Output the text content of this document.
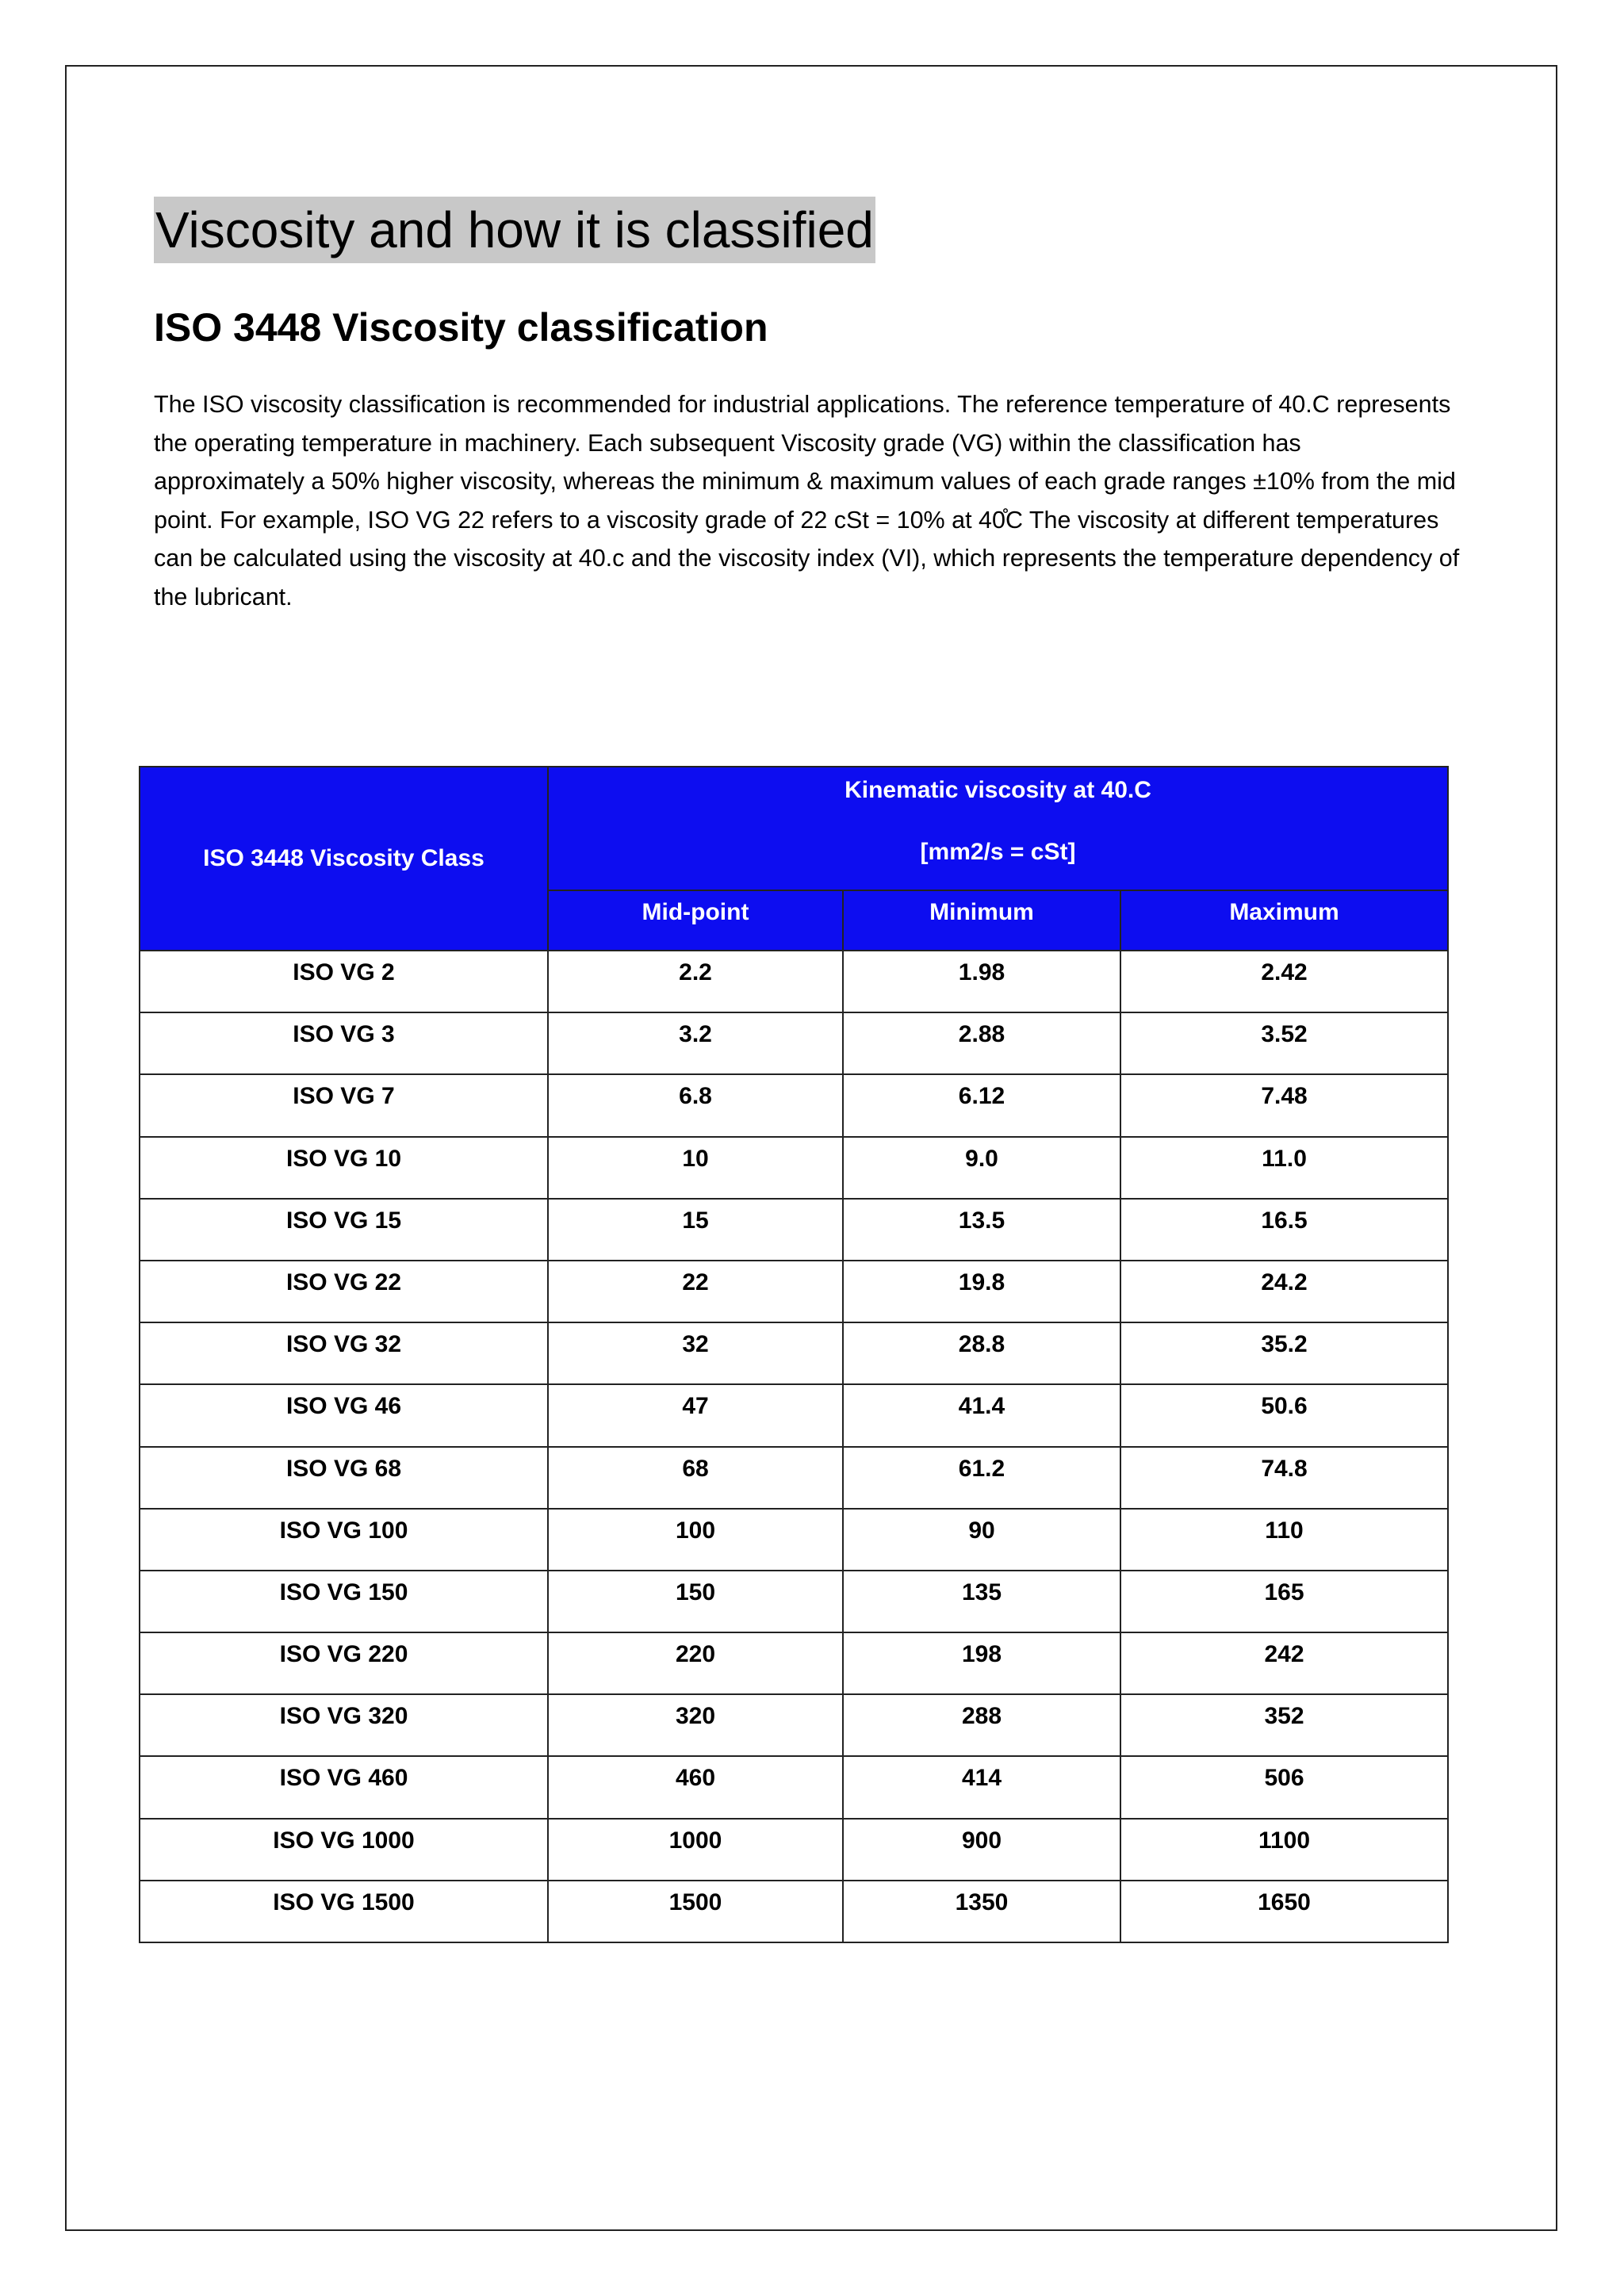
Viscosity and how it is classified
ISO 3448 Viscosity classification

The ISO viscosity classification is recommended for industrial applications. The reference temperature of 40.C represents
the operating temperature in machinery. Each subsequent Viscosity grade (VG) within the classification has
approximately a 50% higher viscosity, whereas the minimum & maximum values of each grade ranges ±10% from the mid
point. For example, ISO VG 22 refers to a viscosity grade of 22 cSt = 10% at 40̊C The viscosity at different temperatures
can be calculated using the viscosity at 40.c and the viscosity index (VI), which represents the temperature dependency of
the lubricant.

ISO 3448 Viscosity Class	Kinematic viscosity at 40.C
[mm2/s = cSt]		

	Mid-point	Minimum	Maximum
ISO VG 2	2.2	1.98	2.42
ISO VG 3	3.2	2.88	3.52
ISO VG 7	6.8	6.12	7.48
ISO VG 10	10	9.0	11.0
ISO VG 15	15	13.5	16.5
ISO VG 22	22	19.8	24.2
ISO VG 32	32	28.8	35.2
ISO VG 46	47	41.4	50.6
ISO VG 68	68	61.2	74.8
ISO VG 100	100	90	110
ISO VG 150	150	135	165
ISO VG 220	220	198	242
ISO VG 320	320	288	352
ISO VG 460	460	414	506
ISO VG 1000	1000	900	1100
ISO VG 1500	1500	1350	1650
